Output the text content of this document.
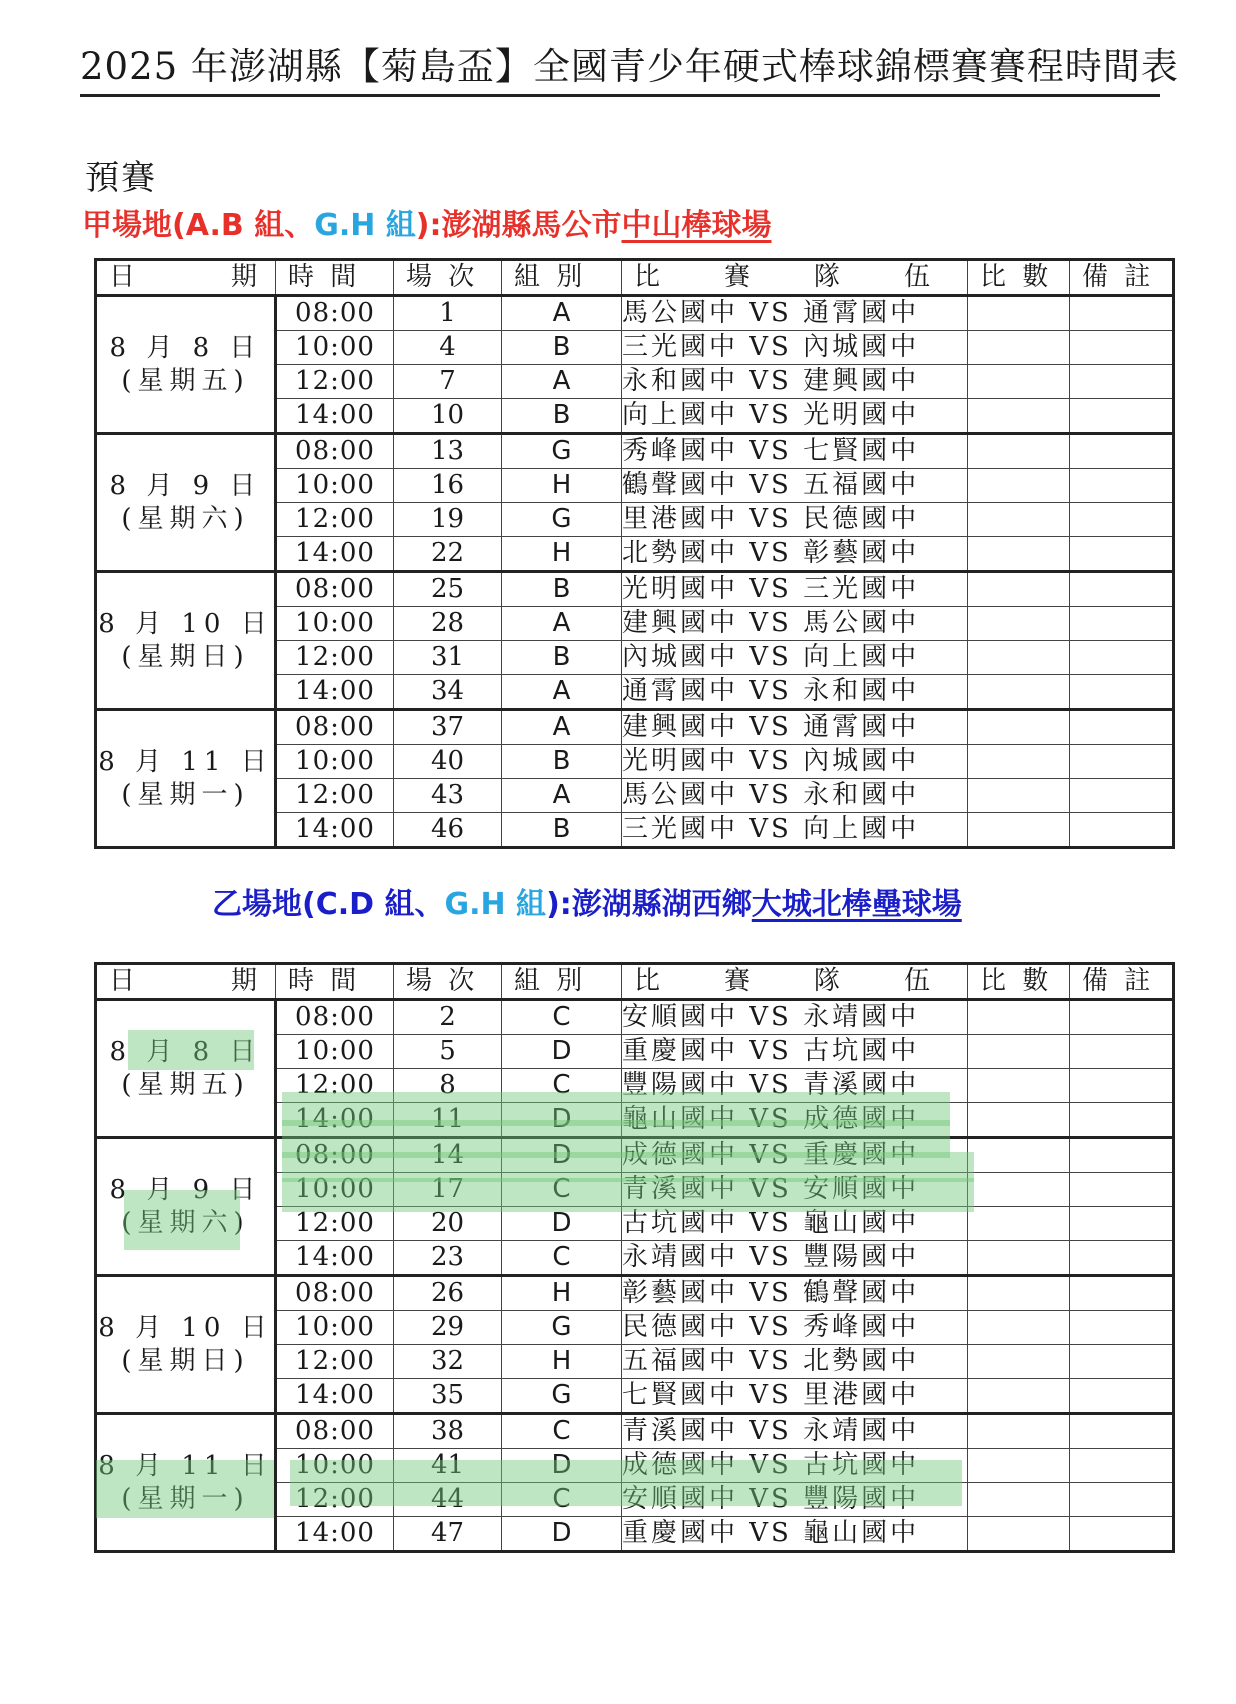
2025 年澎湖縣【菊島盃】全國青少年硬式棒球錦標賽賽程時間表
預賽
甲場地(A.B 組、G.H 組):澎湖縣馬公市中山棒球場
日 期	時 間	場 次	組 別	比　　賽　　隊　　伍	比 數	備 註

8 月 8 日
(星期五)	08:00	1	A	馬公國中 VS 通霄國中		
	10:00	4	B	三光國中 VS 內城國中		
	12:00	7	A	永和國中 VS 建興國中		
	14:00	10	B	向上國中 VS 光明國中		

8 月 9 日
(星期六)	08:00	13	G	秀峰國中 VS 七賢國中		
	10:00	16	H	鶴聲國中 VS 五福國中		
	12:00	19	G	里港國中 VS 民德國中		
	14:00	22	H	北勢國中 VS 彰藝國中		

8 月 10 日
(星期日)	08:00	25	B	光明國中 VS 三光國中		
	10:00	28	A	建興國中 VS 馬公國中		
	12:00	31	B	內城國中 VS 向上國中		
	14:00	34	A	通霄國中 VS 永和國中		

8 月 11 日
(星期一)	08:00	37	A	建興國中 VS 通霄國中		
	10:00	40	B	光明國中 VS 內城國中		
	12:00	43	A	馬公國中 VS 永和國中		
	14:00	46	B	三光國中 VS 向上國中		
乙場地(C.D 組、G.H 組):澎湖縣湖西鄉大城北棒壘球場
日 期	時 間	場 次	組 別	比　　賽　　隊　　伍	比 數	備 註

8 月 8 日
(星期五)	08:00	2	C	安順國中 VS 永靖國中		
	10:00	5	D	重慶國中 VS 古坑國中		
	12:00	8	C	豐陽國中 VS 青溪國中		
	14:00	11	D	龜山國中 VS 成德國中		

8 月 9 日
(星期六)	08:00	14	D	成德國中 VS 重慶國中		
	10:00	17	C	青溪國中 VS 安順國中		
	12:00	20	D	古坑國中 VS 龜山國中		
	14:00	23	C	永靖國中 VS 豐陽國中		

8 月 10 日
(星期日)	08:00	26	H	彰藝國中 VS 鶴聲國中		
	10:00	29	G	民德國中 VS 秀峰國中		
	12:00	32	H	五福國中 VS 北勢國中		
	14:00	35	G	七賢國中 VS 里港國中		

8 月 11 日
(星期一)	08:00	38	C	青溪國中 VS 永靖國中		
	10:00	41	D	成德國中 VS 古坑國中		
	12:00	44	C	安順國中 VS 豐陽國中		
	14:00	47	D	重慶國中 VS 龜山國中		
